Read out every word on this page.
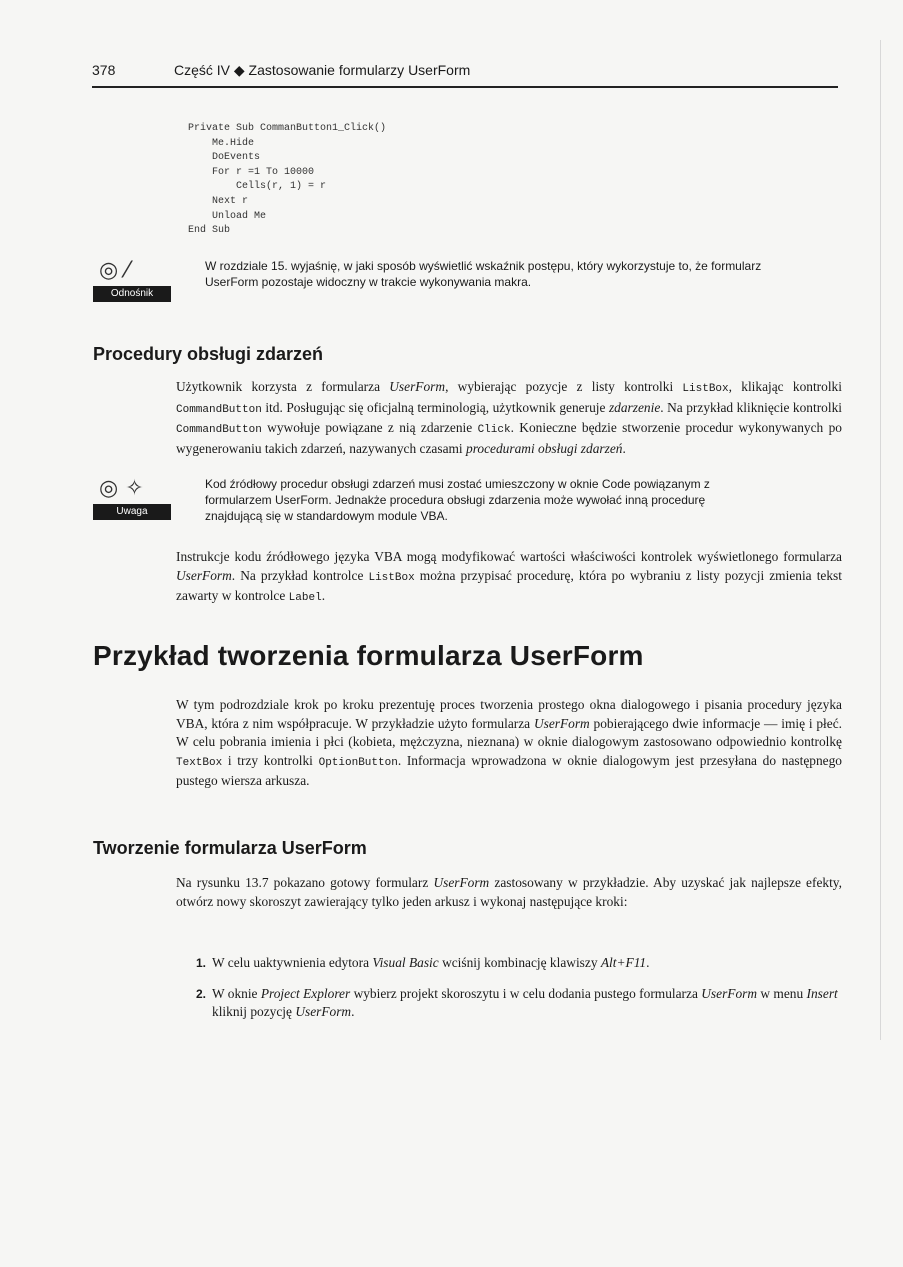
378	Część IV ◆ Zastosowanie formularzy UserForm
Private Sub CommanButton1_Click()
Me.Hide
DoEvents
For r =1 To 10000
Cells(r, 1) = r
Next r
Unload Me
End Sub
◎ ⁄
Odnośnik
W rozdziale 15. wyjaśnię, w jaki sposób wyświetlić wskaźnik postępu, który wykorzystuje to, że formularz UserForm pozostaje widoczny w trakcie wykonywania makra.
Procedury obsługi zdarzeń

Użytkownik korzysta z formularza UserForm, wybierając pozycje z listy kontrolki ListBox, klikając kontrolki CommandButton itd. Posługując się oficjalną terminologią, użytkownik generuje zdarzenie. Na przykład kliknięcie kontrolki CommandButton wywołuje powiązane z nią zdarzenie Click. Konieczne będzie stworzenie procedur wykonywanych po wygenerowaniu takich zdarzeń, nazywanych czasami procedurami obsługi zdarzeń.

◎ ✧
Uwaga
Kod źródłowy procedur obsługi zdarzeń musi zostać umieszczony w oknie Code powiązanym z formularzem UserForm. Jednakże procedura obsługi zdarzenia może wywołać inną procedurę znajdującą się w standardowym module VBA.

Instrukcje kodu źródłowego języka VBA mogą modyfikować wartości właściwości kontrolek wyświetlonego formularza UserForm. Na przykład kontrolce ListBox można przypisać procedurę, która po wybraniu z listy pozycji zmienia tekst zawarty w kontrolce Label.

Przykład tworzenia formularza UserForm

W tym podrozdziale krok po kroku prezentuję proces tworzenia prostego okna dialogowego i pisania procedury języka VBA, która z nim współpracuje. W przykładzie użyto formularza UserForm pobierającego dwie informacje — imię i płeć. W celu pobrania imienia i płci (kobieta, mężczyzna, nieznana) w oknie dialogowym zastosowano odpowiednio kontrolkę TextBox i trzy kontrolki OptionButton. Informacja wprowadzona w oknie dialogowym jest przesyłana do następnego pustego wiersza arkusza.

Tworzenie formularza UserForm

Na rysunku 13.7 pokazano gotowy formularz UserForm zastosowany w przykładzie. Aby uzyskać jak najlepsze efekty, otwórz nowy skoroszyt zawierający tylko jeden arkusz i wykonaj następujące kroki:

1. W celu uaktywnienia edytora Visual Basic wciśnij kombinację klawiszy Alt+F11.
2. W oknie Project Explorer wybierz projekt skoroszytu i w celu dodania pustego formularza UserForm w menu Insert kliknij pozycję UserForm.
